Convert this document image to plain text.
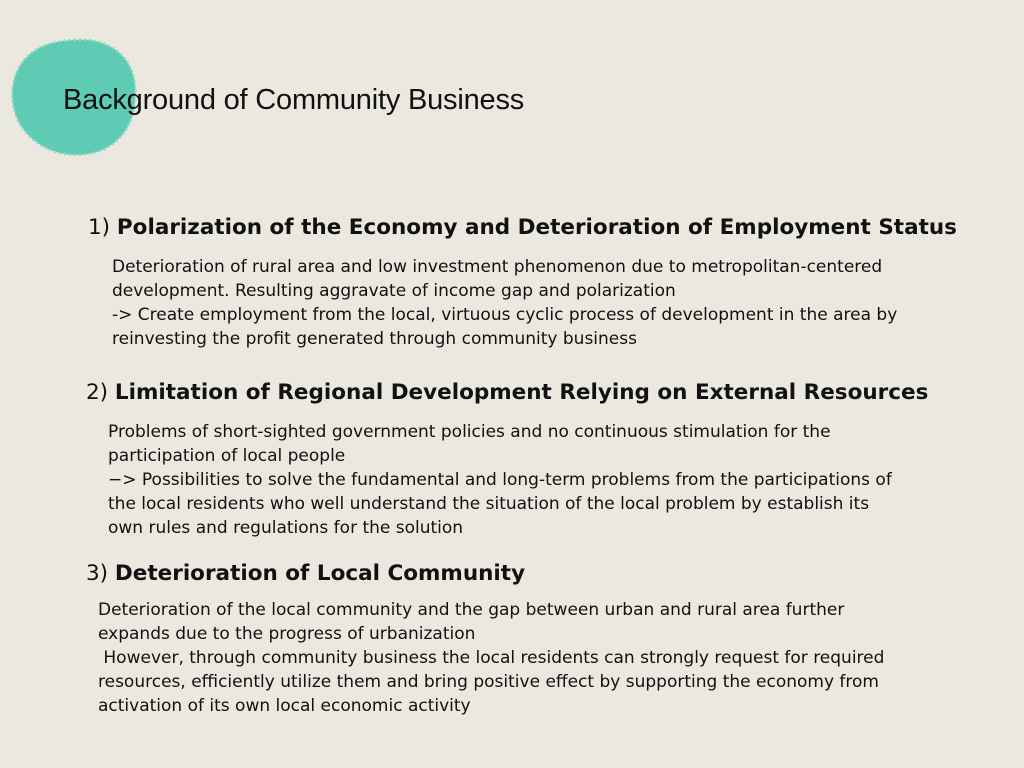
Background of Community Business
1) Polarization of the Economy and Deterioration of Employment Status
Deterioration of rural area and low investment phenomenon due to metropolitan-centered
development. Resulting aggravate of income gap and polarization
-> Create employment from the local, virtuous cyclic process of development in the area by
reinvesting the profit generated through community business
2) Limitation of Regional Development Relying on External Resources
Problems of short-sighted government policies and no continuous stimulation for the
participation of local people
−> Possibilities to solve the fundamental and long-term problems from the participations of
the local residents who well understand the situation of the local problem by establish its
own rules and regulations for the solution
3) Deterioration of Local Community
Deterioration of the local community and the gap between urban and rural area further
expands due to the progress of urbanization
However, through community business the local residents can strongly request for required
resources, efficiently utilize them and bring positive effect by supporting the economy from
activation of its own local economic activity
